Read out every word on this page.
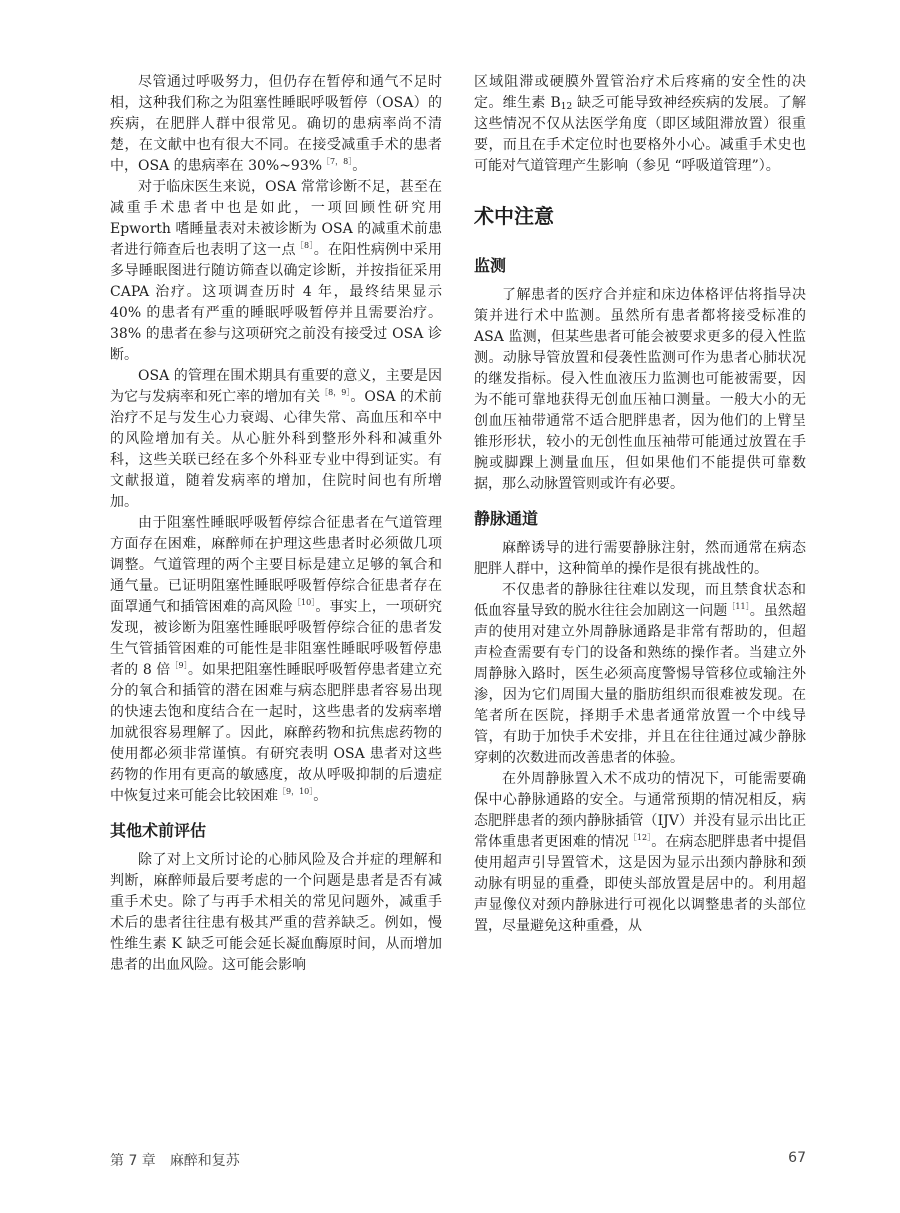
尽管通过呼吸努力，但仍存在暂停和通气不足时相，这种我们称之为阻塞性睡眠呼吸暂停（OSA）的疾病，在肥胖人群中很常见。确切的患病率尚不清楚，在文献中也有很大不同。在接受减重手术的患者中，OSA 的患病率在 30%~93%$^{[7,8]}$。

对于临床医生来说，OSA 常常诊断不足，甚至在减重手术患者中也是如此，一项回顾性研究用 Epworth 嗜睡量表对未被诊断为 OSA 的减重术前患者进行筛查后也表明了这一点$^{[8]}$。在阳性病例中采用多导睡眠图进行随访筛查以确定诊断，并按指征采用 CAPA 治疗。这项调查历时 4 年，最终结果显示 40% 的患者有严重的睡眠呼吸暂停并且需要治疗。38% 的患者在参与这项研究之前没有接受过 OSA 诊断。

OSA 的管理在围术期具有重要的意义，主要是因为它与发病率和死亡率的增加有关$^{[8,9]}$。OSA 的术前治疗不足与发生心力衰竭、心律失常、高血压和卒中的风险增加有关。从心脏外科到整形外科和减重外科，这些关联已经在多个外科亚专业中得到证实。有文献报道，随着发病率的增加，住院时间也有所增加。

由于阻塞性睡眠呼吸暂停综合征患者在气道管理方面存在困难，麻醉师在护理这些患者时必须做几项调整。气道管理的两个主要目标是建立足够的氧合和通气量。已证明阻塞性睡眠呼吸暂停综合征患者存在面罩通气和插管困难的高风险$^{[10]}$。事实上，一项研究发现，被诊断为阻塞性睡眠呼吸暂停综合征的患者发生气管插管困难的可能性是非阻塞性睡眠呼吸暂停患者的 8 倍$^{[9]}$。如果把阻塞性睡眠呼吸暂停患者建立充分的氧合和插管的潜在困难与病态肥胖患者容易出现的快速去饱和度结合在一起时，这些患者的发病率增加就很容易理解了。因此，麻醉药物和抗焦虑药物的使用都必须非常谨慎。有研究表明 OSA 患者对这些药物的作用有更高的敏感度，故从呼吸抑制的后遗症中恢复过来可能会比较困难$^{[9,10]}$。

其他术前评估

除了对上文所讨论的心肺风险及合并症的理解和判断，麻醉师最后要考虑的一个问题是患者是否有减重手术史。除了与再手术相关的常见问题外，减重手术后的患者往往患有极其严重的营养缺乏。例如，慢性维生素 K 缺乏可能会延长凝血酶原时间，从而增加患者的出血风险。这可能会影响

区域阻滞或硬膜外置管治疗术后疼痛的安全性的决定。维生素 $B_{12}$ 缺乏可能导致神经疾病的发展。了解这些情况不仅从法医学角度（即区域阻滞放置）很重要，而且在手术定位时也要格外小心。减重手术史也可能对气道管理产生影响（参见 “呼吸道管理”）。

术中注意
监测

了解患者的医疗合并症和床边体格评估将指导决策并进行术中监测。虽然所有患者都将接受标准的 ASA 监测，但某些患者可能会被要求更多的侵入性监测。动脉导管放置和侵袭性监测可作为患者心肺状况的继发指标。侵入性血液压力监测也可能被需要，因为不能可靠地获得无创血压袖口测量。一般大小的无创血压袖带通常不适合肥胖患者，因为他们的上臂呈锥形形状，较小的无创性血压袖带可能通过放置在手腕或脚踝上测量血压，但如果他们不能提供可靠数据，那么动脉置管则或许有必要。

静脉通道

麻醉诱导的进行需要静脉注射，然而通常在病态肥胖人群中，这种简单的操作是很有挑战性的。

不仅患者的静脉往往难以发现，而且禁食状态和低血容量导致的脱水往往会加剧这一问题$^{[11]}$。虽然超声的使用对建立外周静脉通路是非常有帮助的，但超声检查需要有专门的设备和熟练的操作者。当建立外周静脉入路时，医生必须高度警惕导管移位或输注外渗，因为它们周围大量的脂肪组织而很难被发现。在笔者所在医院，择期手术患者通常放置一个中线导管，有助于加快手术安排，并且在往往通过减少静脉穿刺的次数进而改善患者的体验。

在外周静脉置入术不成功的情况下，可能需要确保中心静脉通路的安全。与通常预期的情况相反，病态肥胖患者的颈内静脉插管（IJV）并没有显示出比正常体重患者更困难的情况$^{[12]}$。在病态肥胖患者中提倡使用超声引导置管术，这是因为显示出颈内静脉和颈动脉有明显的重叠，即使头部放置是居中的。利用超声显像仪对颈内静脉进行可视化以调整患者的头部位置，尽量避免这种重叠，从

第 7 章 麻醉和复苏	67
